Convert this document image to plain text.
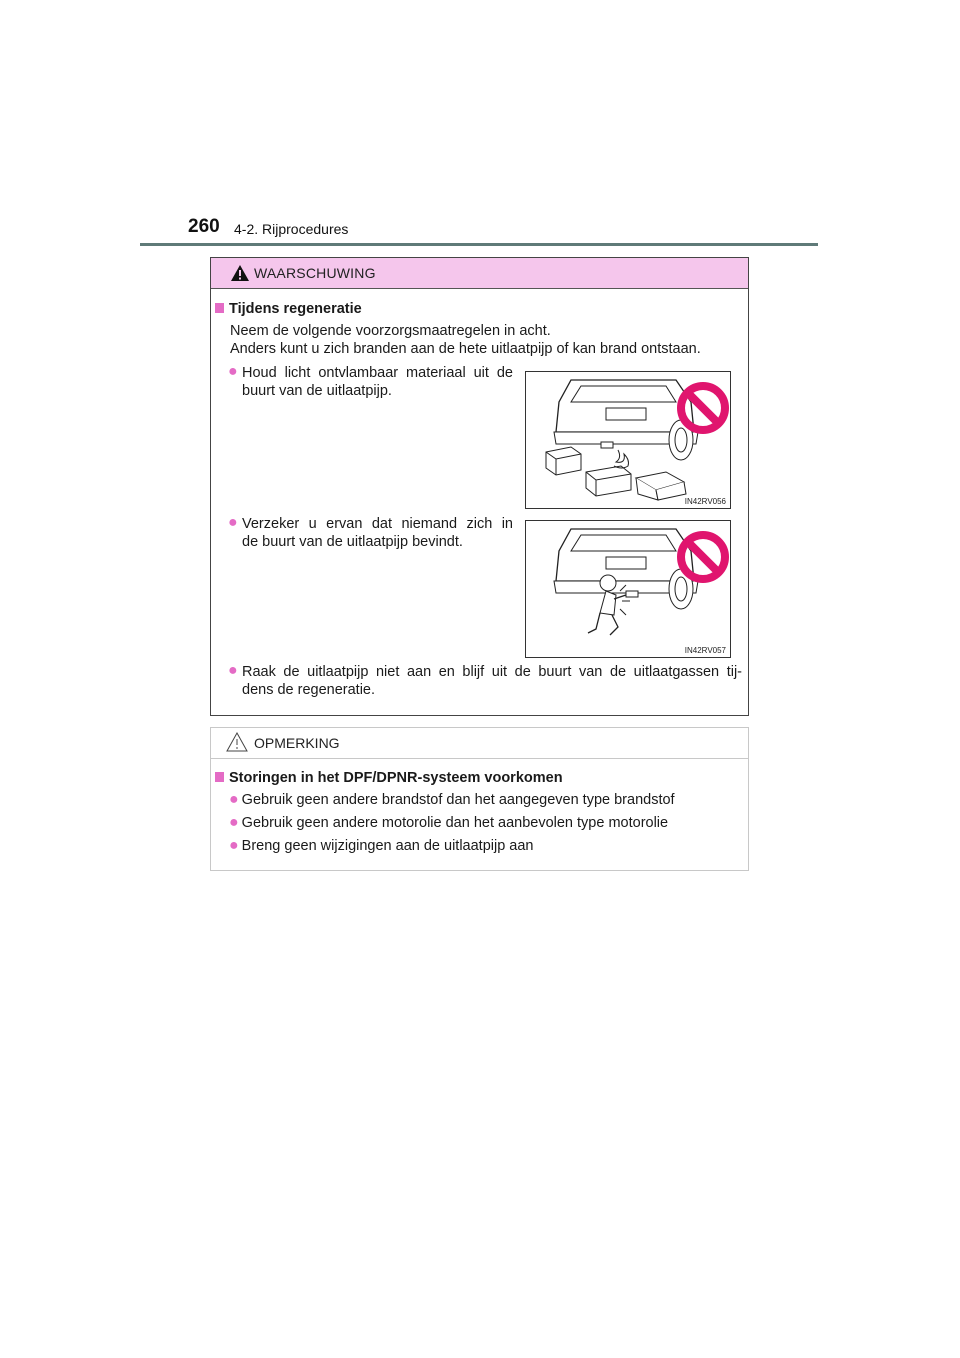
260 4-2. Rijprocedures
WAARSCHUWING
Tijdens regeneratie
Neem de volgende voorzorgsmaatregelen in acht.
Anders kunt u zich branden aan de hete uitlaatpijp of kan brand ontstaan.
● Houd licht ontvlambaar materiaal uit de
buurt van de uitlaatpijp.
IN42RV056
● Verzeker u ervan dat niemand zich in
de buurt van de uitlaatpijp bevindt.
IN42RV057
● Raak de uitlaatpijp niet aan en blijf uit de buurt van de uitlaatgassen tij-
dens de regeneratie.
OPMERKING
Storingen in het DPF/DPNR-systeem voorkomen
● Gebruik geen andere brandstof dan het aangegeven type brandstof
● Gebruik geen andere motorolie dan het aanbevolen type motorolie
● Breng geen wijzigingen aan de uitlaatpijp aan
